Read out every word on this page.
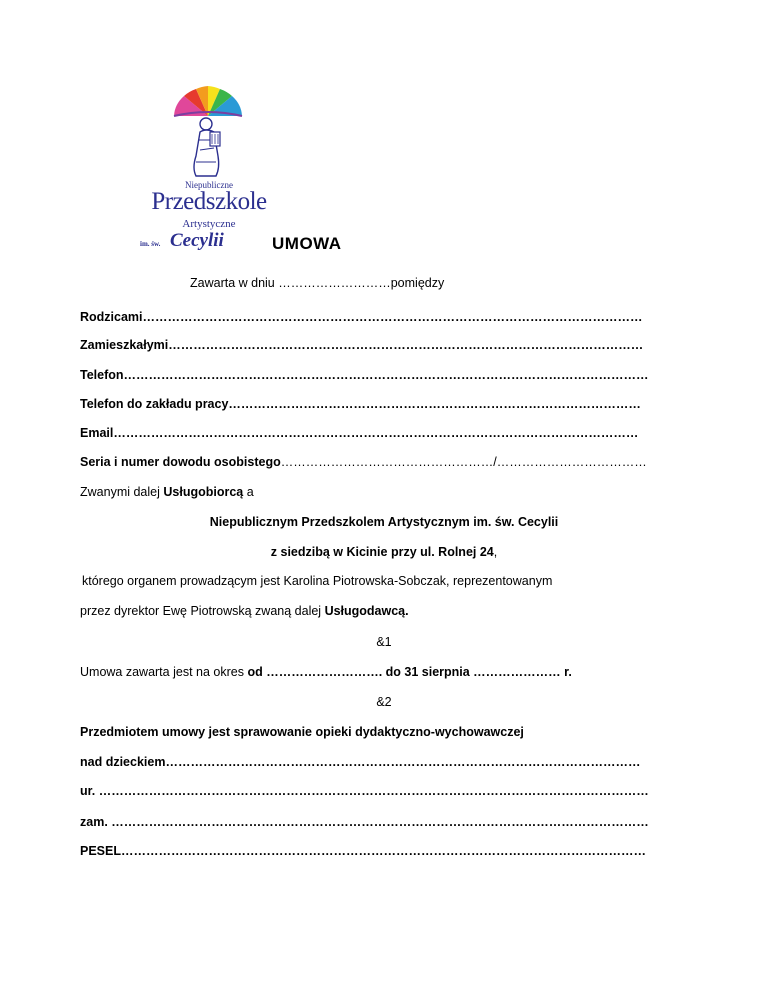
Niepubliczne
Przedszkole
Artystyczne
im. św. Cecylii	UMOWA
Zawarta w dniu ………………………pomiędzy
Rodzicami…………………………………………………………………………………………………………
Zamieszkałymi……………………………………………………………………………………………………
Telefon………………………………………………………………………………………………………………
Telefon do zakładu pracy………………………………………………………………………………………
Email………………………………………………………………………………………………………………
Seria i numer dowodu osobistego……………………………………………/………………………………
Zwanymi dalej Usługobiorcą a
Niepublicznym Przedszkolem Artystycznym im. św. Cecylii
z siedzibą w Kicinie przy ul. Rolnej 24,
którego organem prowadzącym jest Karolina Piotrowska-Sobczak, reprezentowanym
przez dyrektor Ewę Piotrowską zwaną dalej Usługodawcą.
&1
Umowa zawarta jest na okres od ………………………. do 31 sierpnia ………………… r.
&2
Przedmiotem umowy jest sprawowanie opieki dydaktyczno-wychowawczej
nad dzieckiem……………………………………………………………………………………………………
ur. ……………………………………………………………………………………………………………………
zam. …………………………………………………………………………………………………………………
PESEL………………………………………………………………………………………………………………
